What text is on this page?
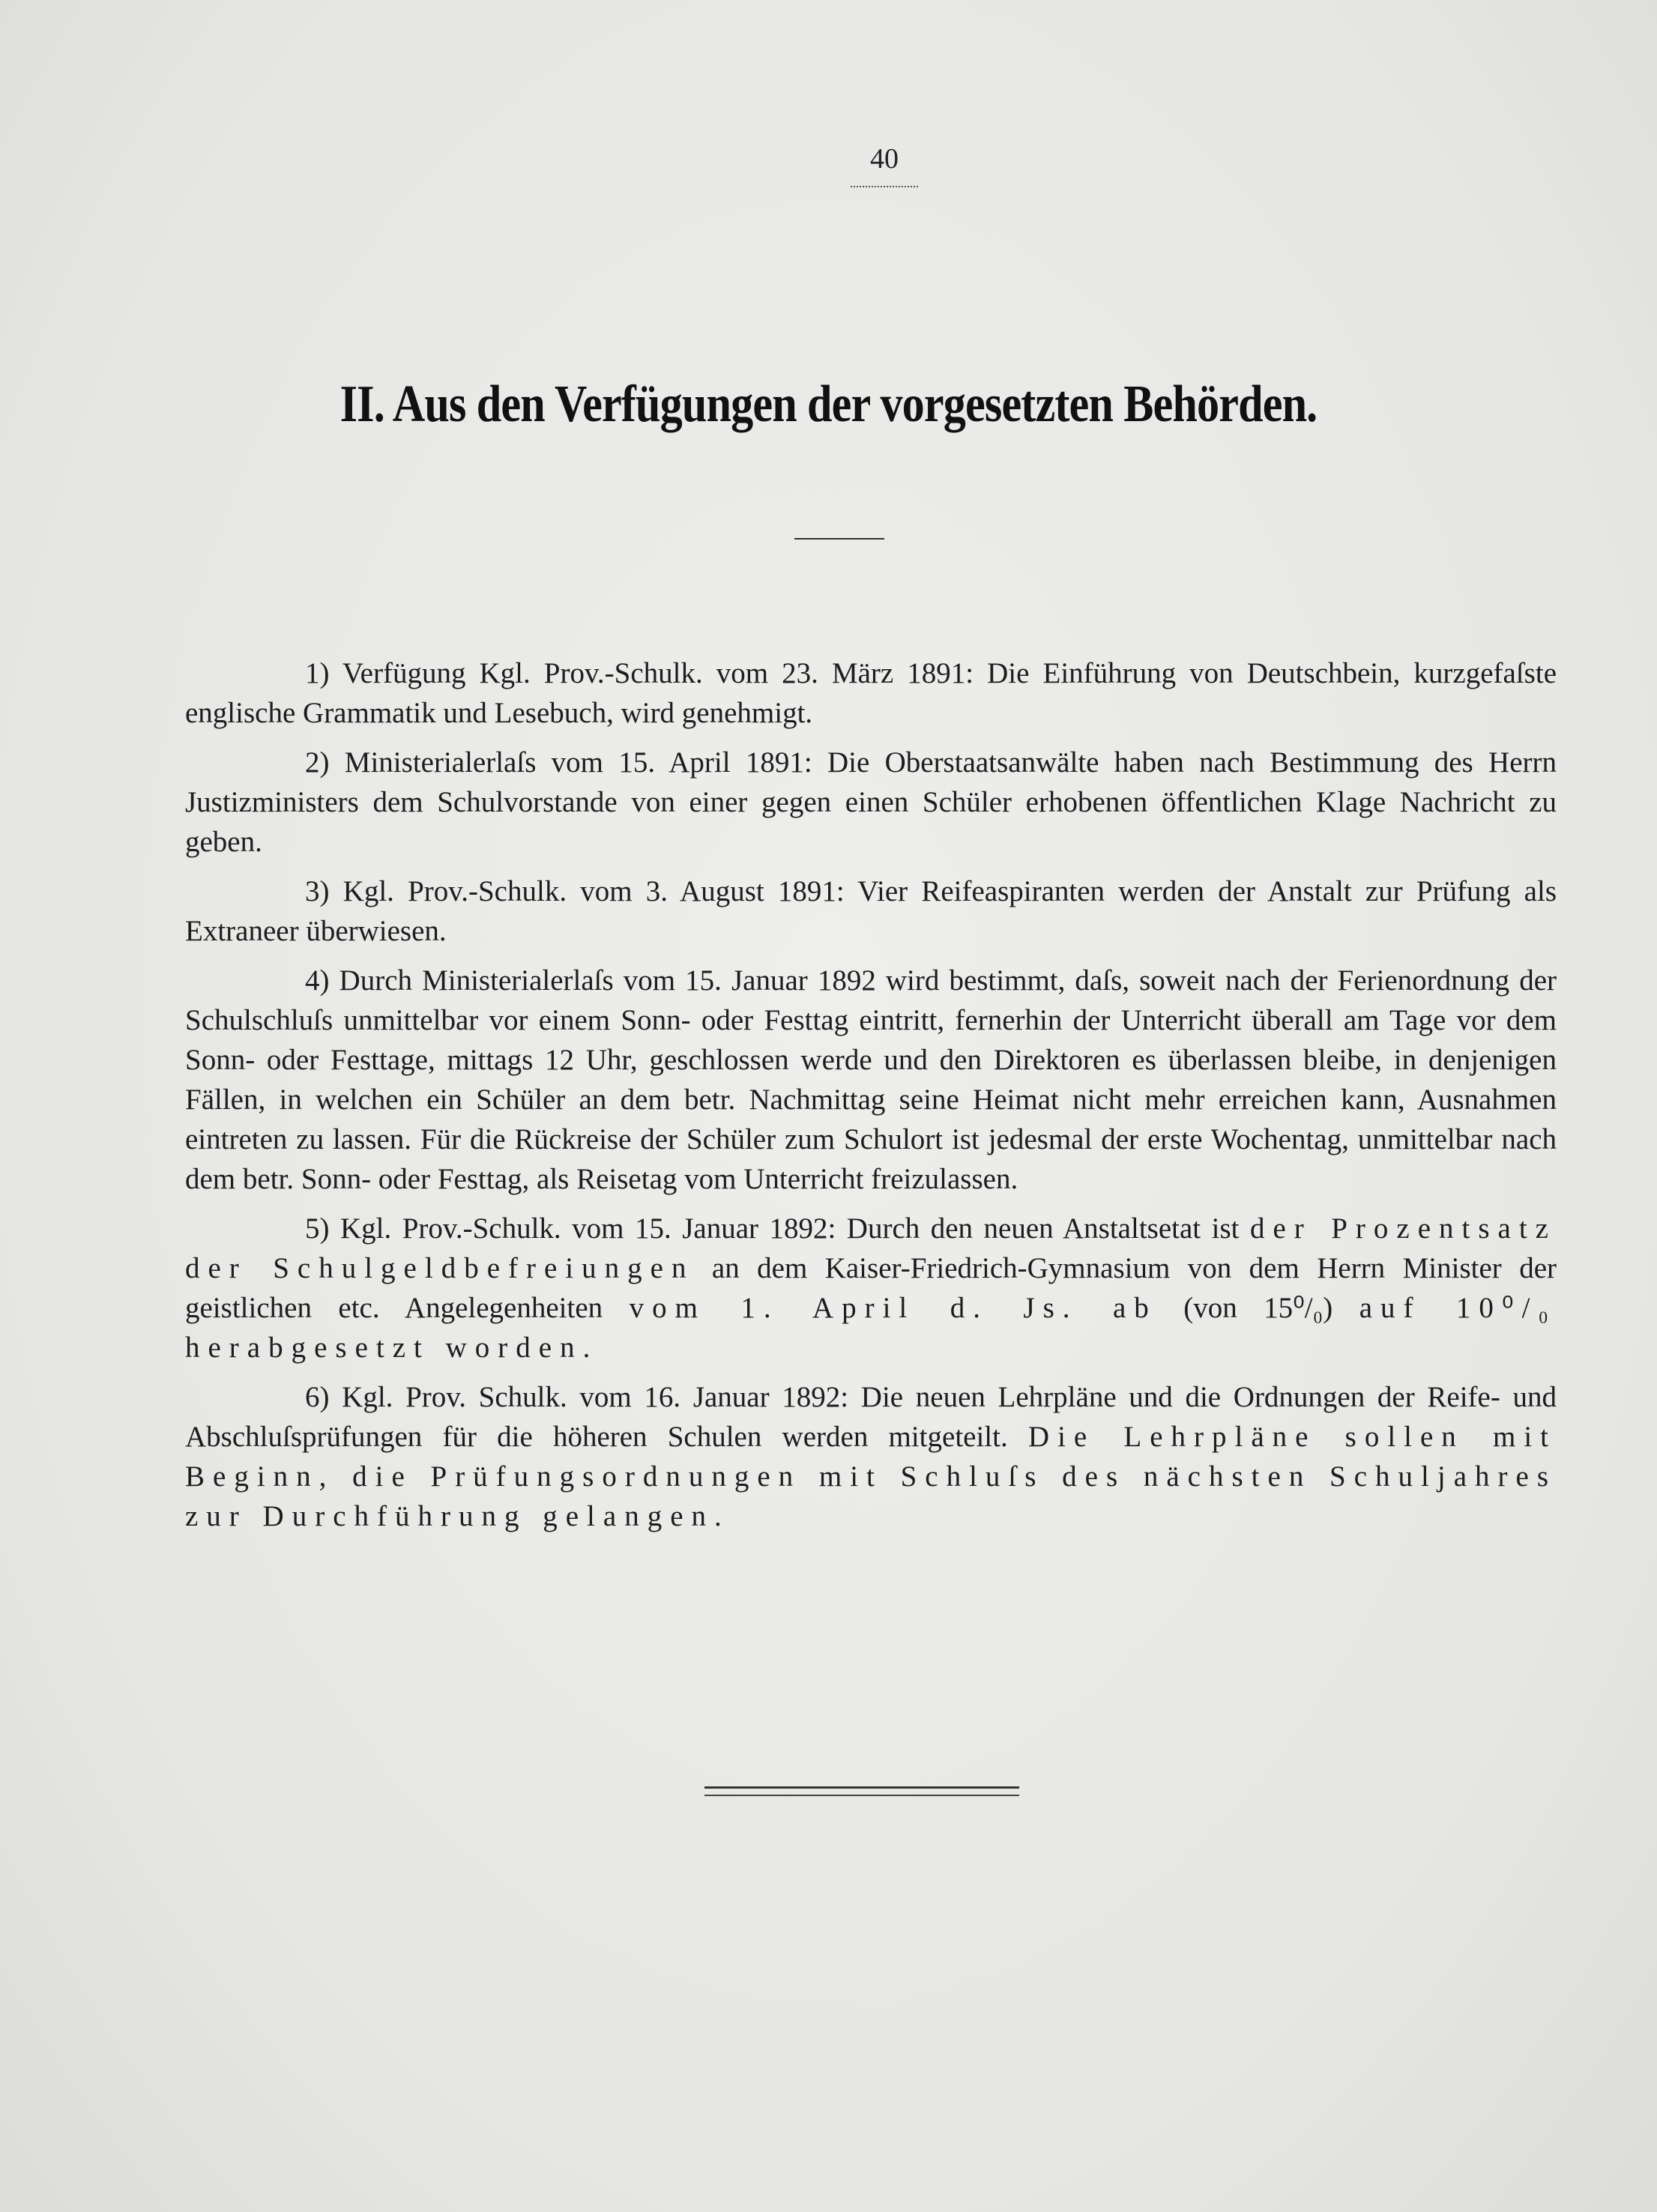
40
II. Aus den Verfügungen der vorgesetzten Behörden.

1) Verfügung Kgl. Prov.-Schulk. vom 23. März 1891: Die Einführung von Deutschbein, kurzgefaſste englische Grammatik und Lesebuch, wird genehmigt.

2) Ministerialerlaſs vom 15. April 1891: Die Oberstaatsanwälte haben nach Bestimmung des Herrn Justizministers dem Schulvorstande von einer gegen einen Schüler erhobenen öffentlichen Klage Nachricht zu geben.

3) Kgl. Prov.-Schulk. vom 3. August 1891: Vier Reifeaspiranten werden der Anstalt zur Prüfung als Extraneer überwiesen.

4) Durch Ministerialerlaſs vom 15. Januar 1892 wird bestimmt, daſs, soweit nach der Ferienordnung der Schulschluſs unmittelbar vor einem Sonn- oder Festtag eintritt, fernerhin der Unterricht überall am Tage vor dem Sonn- oder Festtage, mittags 12 Uhr, geschlossen werde und den Direktoren es überlassen bleibe, in denjenigen Fällen, in welchen ein Schüler an dem betr. Nachmittag seine Heimat nicht mehr erreichen kann, Ausnahmen eintreten zu lassen. Für die Rückreise der Schüler zum Schulort ist jedesmal der erste Wochentag, unmittelbar nach dem betr. Sonn- oder Festtag, als Reisetag vom Unterricht freizulassen.

5) Kgl. Prov.-Schulk. vom 15. Januar 1892: Durch den neuen Anstaltsetat ist der Prozentsatz der Schulgeldbefreiungen an dem Kaiser-Friedrich-Gymnasium von dem Herrn Minister der geistlichen etc. Angelegenheiten vom 1. April d. Js. ab (von 15⁰/₀) auf 10⁰/₀ herabgesetzt worden.

6) Kgl. Prov. Schulk. vom 16. Januar 1892: Die neuen Lehrpläne und die Ordnungen der Reife- und Abschluſsprüfungen für die höheren Schulen werden mitgeteilt. Die Lehrpläne sollen mit Beginn, die Prüfungsordnungen mit Schluſs des nächsten Schuljahres zur Durchführung gelangen.
